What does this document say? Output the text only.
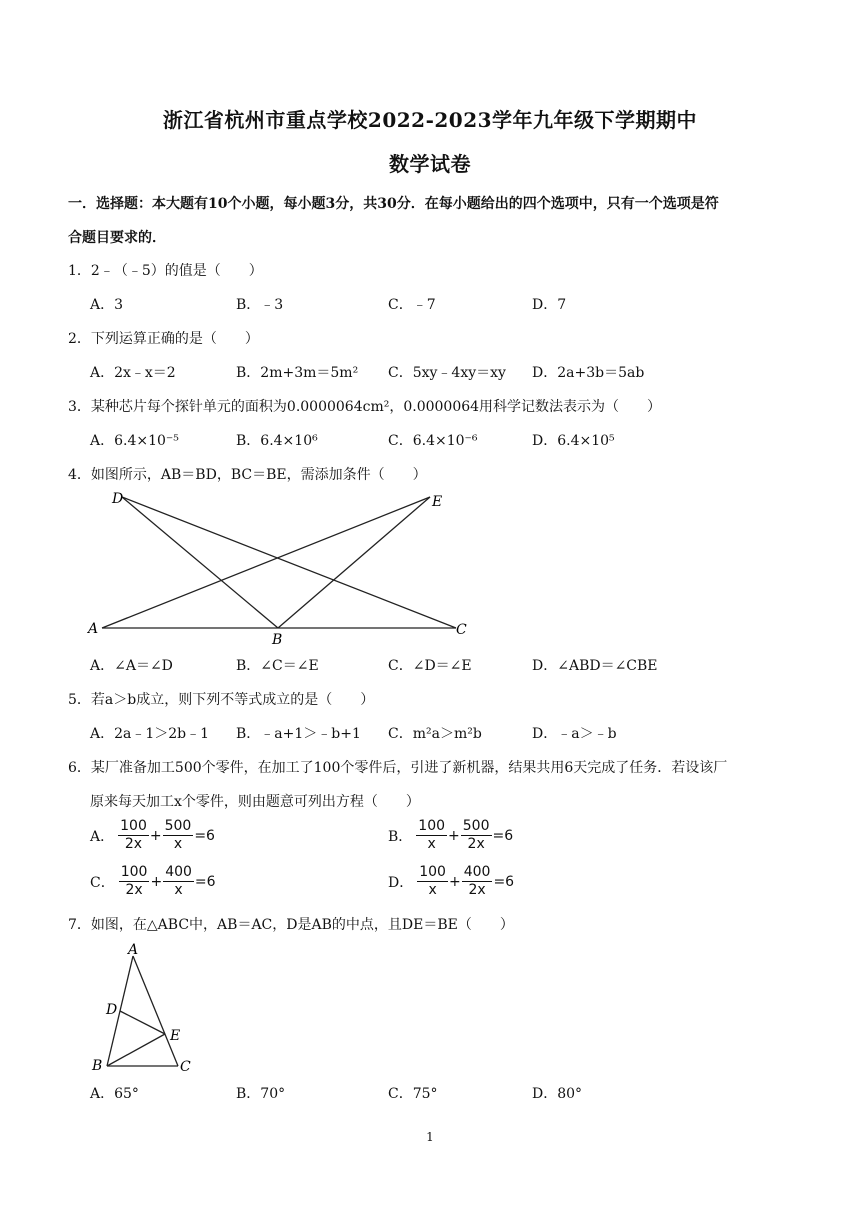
浙江省杭州市重点学校2022-2023学年九年级下学期期中
数学试卷
一．选择题：本大题有10个小题，每小题3分，共30分．在每小题给出的四个选项中，只有一个选项是符
合题目要求的．
1．2﹣（﹣5）的值是（　　）
A．3	B．﹣3	C．﹣7	D．7
2．下列运算正确的是（　　）
A．2x﹣x＝2	B．2m+3m＝5m² C．5xy﹣4xy＝xy D．2a+3b＝5ab
3．某种芯片每个探针单元的面积为0.0000064cm²，0.0000064用科学记数法表示为（　　）
A．6.4×10⁻⁵	B．6.4×10⁶	C．6.4×10⁻⁶	D．6.4×10⁵
4．如图所示，AB＝BD，BC＝BE，需添加条件（　　）
D	E
A
B
C
A．∠A＝∠D	B．∠C＝∠E	C．∠D＝∠E	D．∠ABD＝∠CBE
5．若a＞b成立，则下列不等式成立的是（　　）
A．2a﹣1＞2b﹣1 B．﹣a+1＞﹣b+1 C．m²a＞m²b	D．﹣a＞﹣b
6．某厂准备加工500个零件，在加工了100个零件后，引进了新机器，结果共用6天完成了任务．若设该厂
原来每天加工x个零件，则由题意可列出方程（　　）
A． $\frac{100}{2x} + \frac{500}{x} =6$	B． $\frac{100}{x} + \frac{500}{2x} =6$
C． $\frac{100}{2x} + \frac{400}{x} =6$	D． $\frac{100}{x} + \frac{400}{2x} =6$
7．如图，在△ABC中，AB＝AC，D是AB的中点，且DE＝BE（　　）
A
D
E
B	C
A．65°	B．70°	C．75°	D．80°
1
